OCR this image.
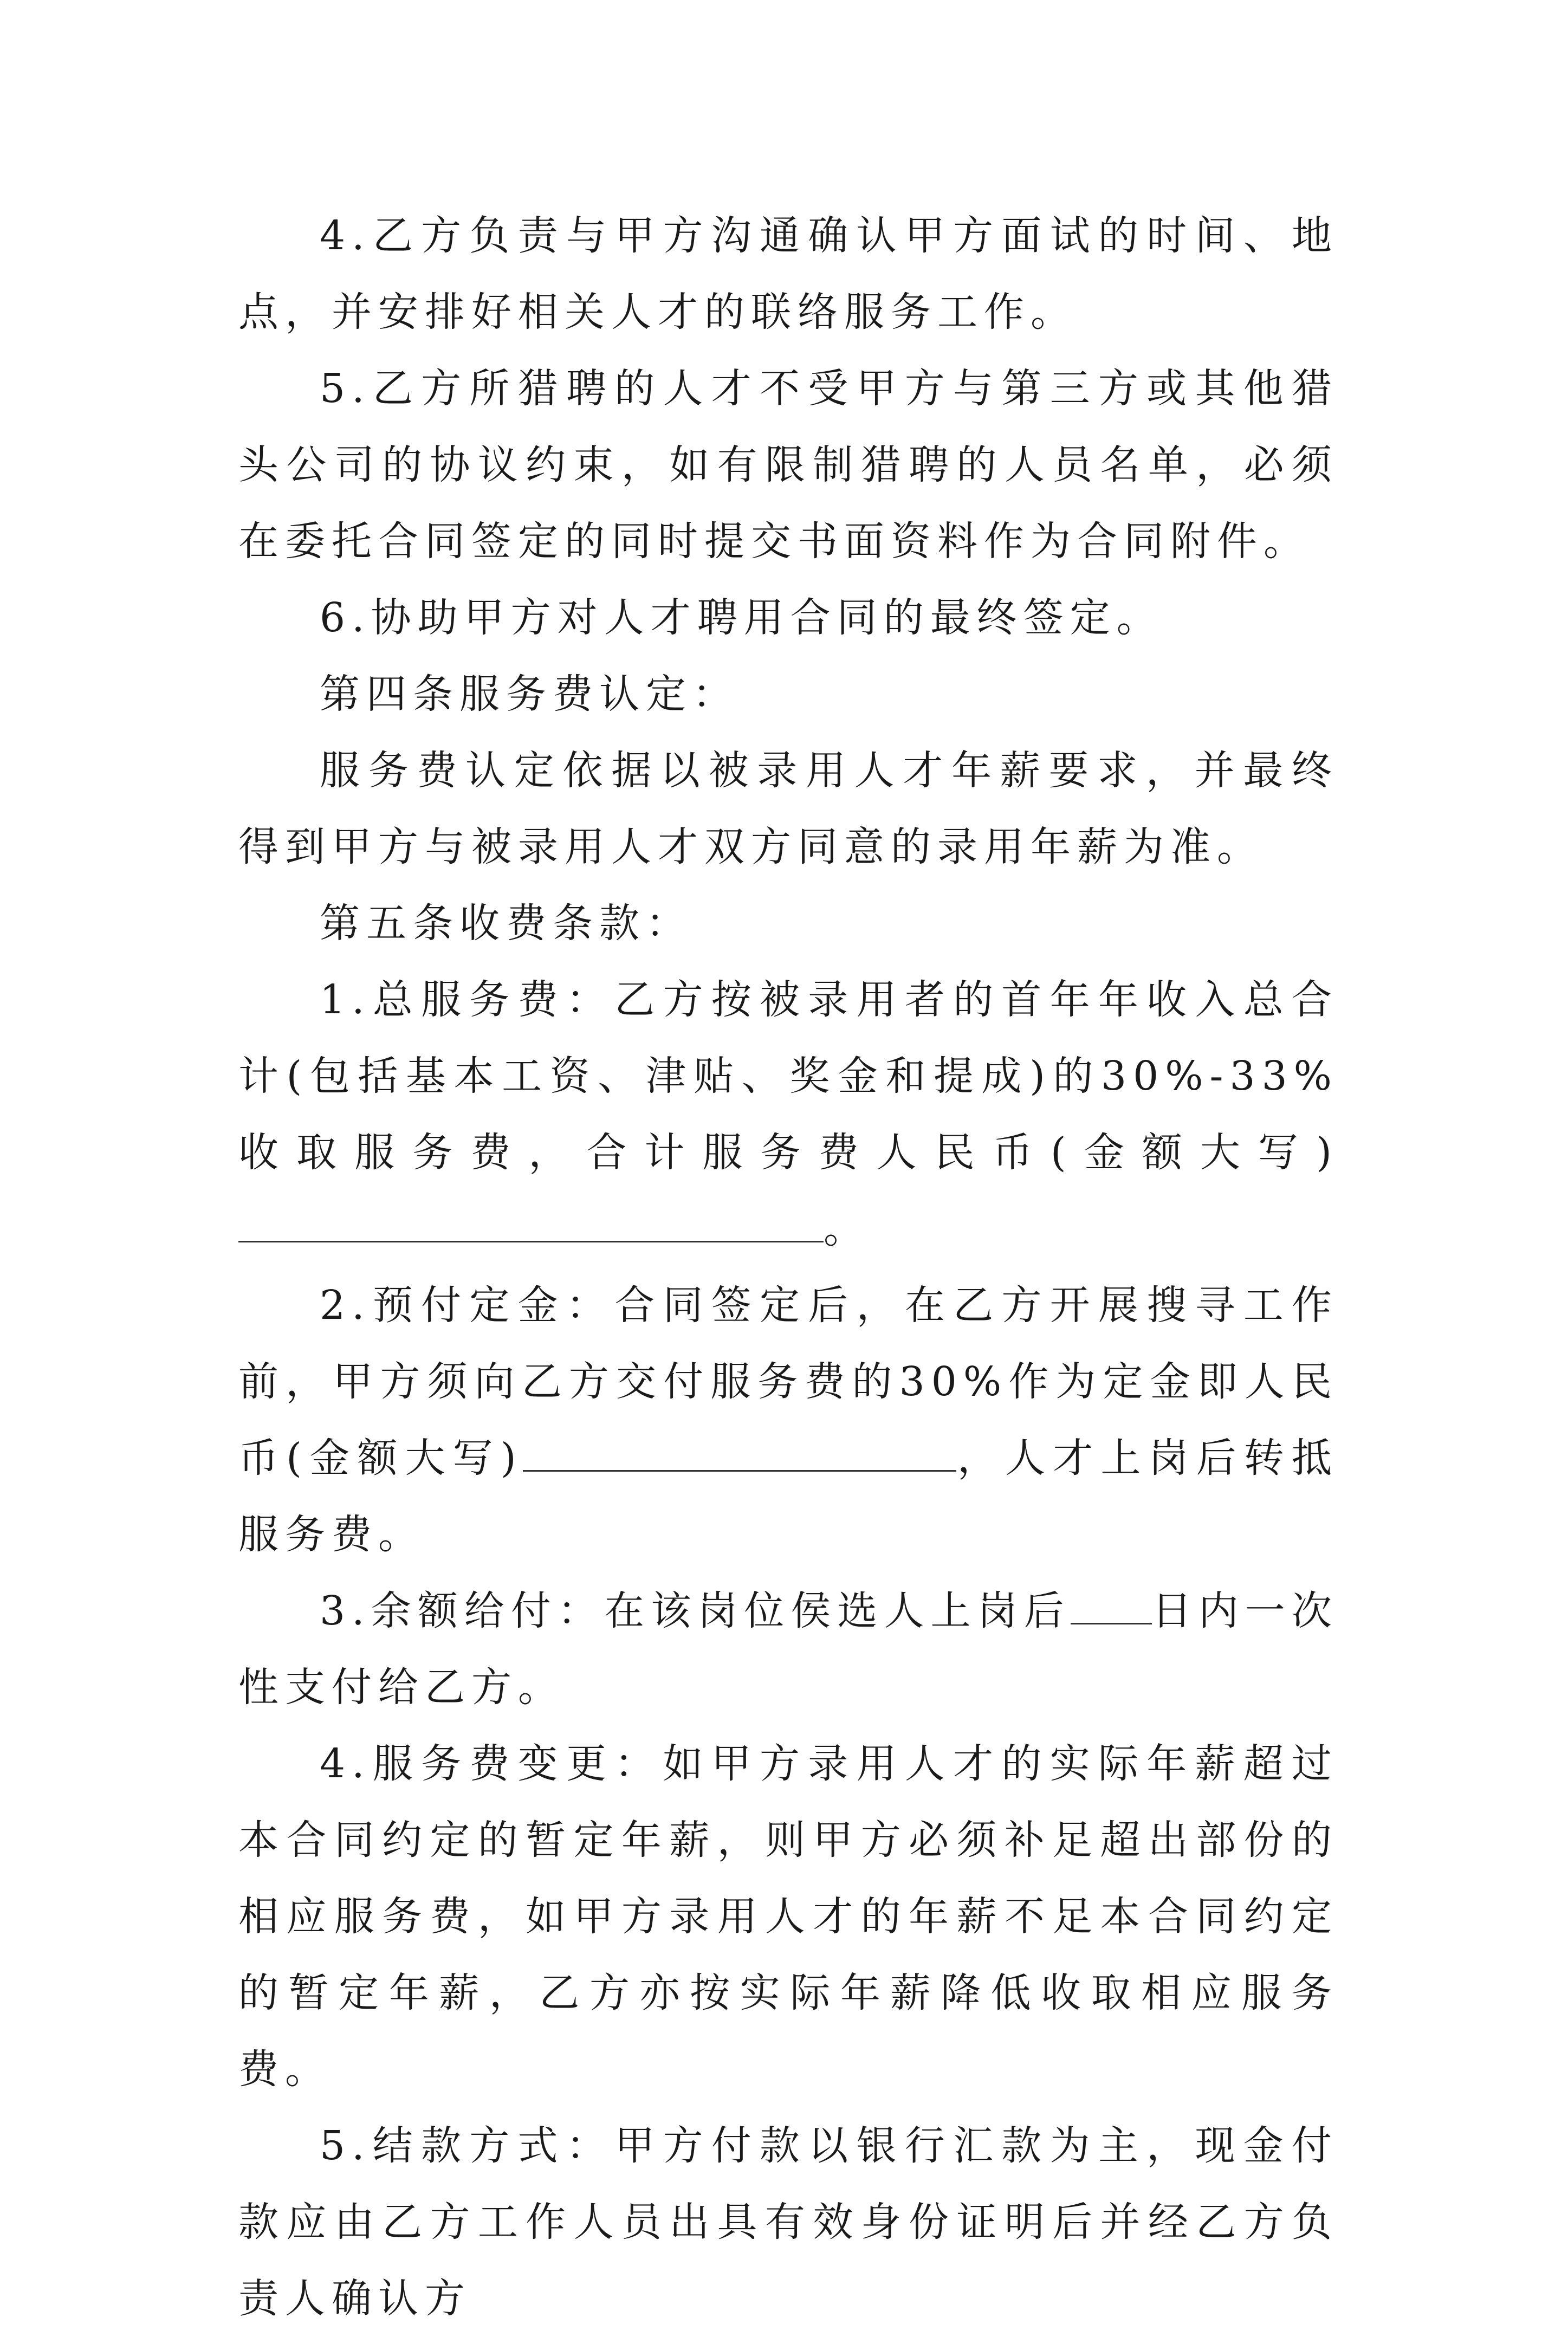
4.乙方负责与甲方沟通确认甲方面试的时间、地点，并安排好相关人才的联络服务工作。

5.乙方所猎聘的人才不受甲方与第三方或其他猎头公司的协议约束，如有限制猎聘的人员名单，必须在委托合同签定的同时提交书面资料作为合同附件。

6.协助甲方对人才聘用合同的最终签定。

第四条服务费认定：

服务费认定依据以被录用人才年薪要求，并最终得到甲方与被录用人才双方同意的录用年薪为准。

第五条收费条款：

1.总服务费：乙方按被录用者的首年年收入总合计(包括基本工资、津贴、奖金和提成)的30%-33%收取服务费，合计服务费人民币(金额大写)。

2.预付定金：合同签定后，在乙方开展搜寻工作前，甲方须向乙方交付服务费的30%作为定金即人民币(金额大写)	，人才上岗后转抵服务费。

3.余额给付：在该岗位侯选人上岗后 日内一次性支付给乙方。

4.服务费变更：如甲方录用人才的实际年薪超过本合同约定的暂定年薪，则甲方必须补足超出部份的相应服务费，如甲方录用人才的年薪不足本合同约定的暂定年薪，乙方亦按实际年薪降低收取相应服务费。

5.结款方式：甲方付款以银行汇款为主，现金付款应由乙方工作人员出具有效身份证明后并经乙方负责人确认方
